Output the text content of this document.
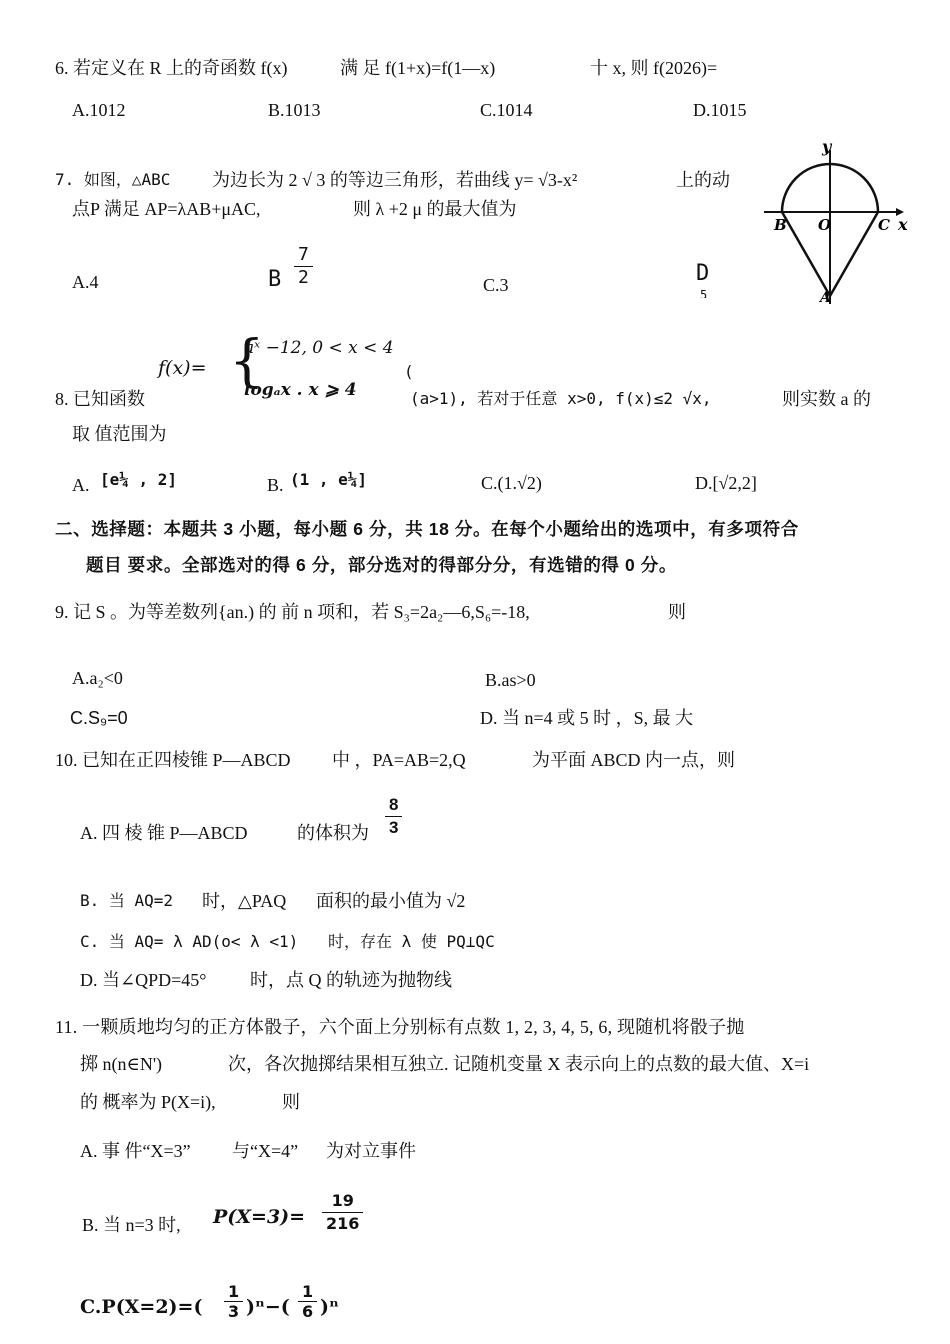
6. 若定义在 R 上的奇函数 f(x)	满 足 f(1+x)=f(1—x)	十 x, 则 f(2026)=
A.1012	B.1013	C.1014	D.1015
7. 如图，△ABC 为边长为 2 √ 3 的等边三角形，若曲线 y= √3-x²	上的动
点P 满足 AP=λAB+μAC,	则 λ +2 μ 的最大值为
A.4	B
7
2	C.3	D
5
y
x
B O	C
A
f(x)= {
aˣ −12, 0 < x < 4
logₐx . x ⩾ 4
(
8. 已知函数	(a>1), 若对于任意 x>0, f(x)≤2 √x,	则实数 a 的
取 值范围为
A. [e¼ , 2]	B. (1 , e¼]	C.(1.√2)	D.[√2,2]
二、选择题：本题共 3 小题，每小题 6 分，共 18 分。在每个小题给出的选项中，有多项符合
题目 要求。全部选对的得 6 分，部分选对的得部分分，有选错的得 0 分。
9. 记 S 。为等差数列{an.) 的 前 n 项和，若 S₃=2a₂—6,S₆=-18,	则
A.a₂<0	B.as>0
C.S₉=0	D. 当 n=4 或 5 时 ，S, 最 大
10. 已知在正四棱锥 P—ABCD 中 ，PA=AB=2,Q	为平面 ABCD 内一点，则
A. 四 棱 锥 P—ABCD	的体积为
8
3
B. 当 AQ=2 时，△PAQ 面积的最小值为 √2
C. 当 AQ= λ AD(o< λ <1) 时，存在 λ 使 PQ⊥QC
D. 当∠QPD=45° 时，点 Q 的轨迹为抛物线
11. 一颗质地均匀的正方体骰子，六个面上分别标有点数 1, 2, 3, 4, 5, 6, 现随机将骰子抛
掷 n(n∈N')	次，各次抛掷结果相互独立. 记随机变量 X 表示向上的点数的最大值、X=i
的 概率为 P(X=i),	则
A. 事 件“X=3” 与“X=4” 为对立事件
B. 当 n=3 时, P(X=3)=
19
216
C.P(X=2)=(
1
3 )ⁿ−(
1
6 )ⁿ
